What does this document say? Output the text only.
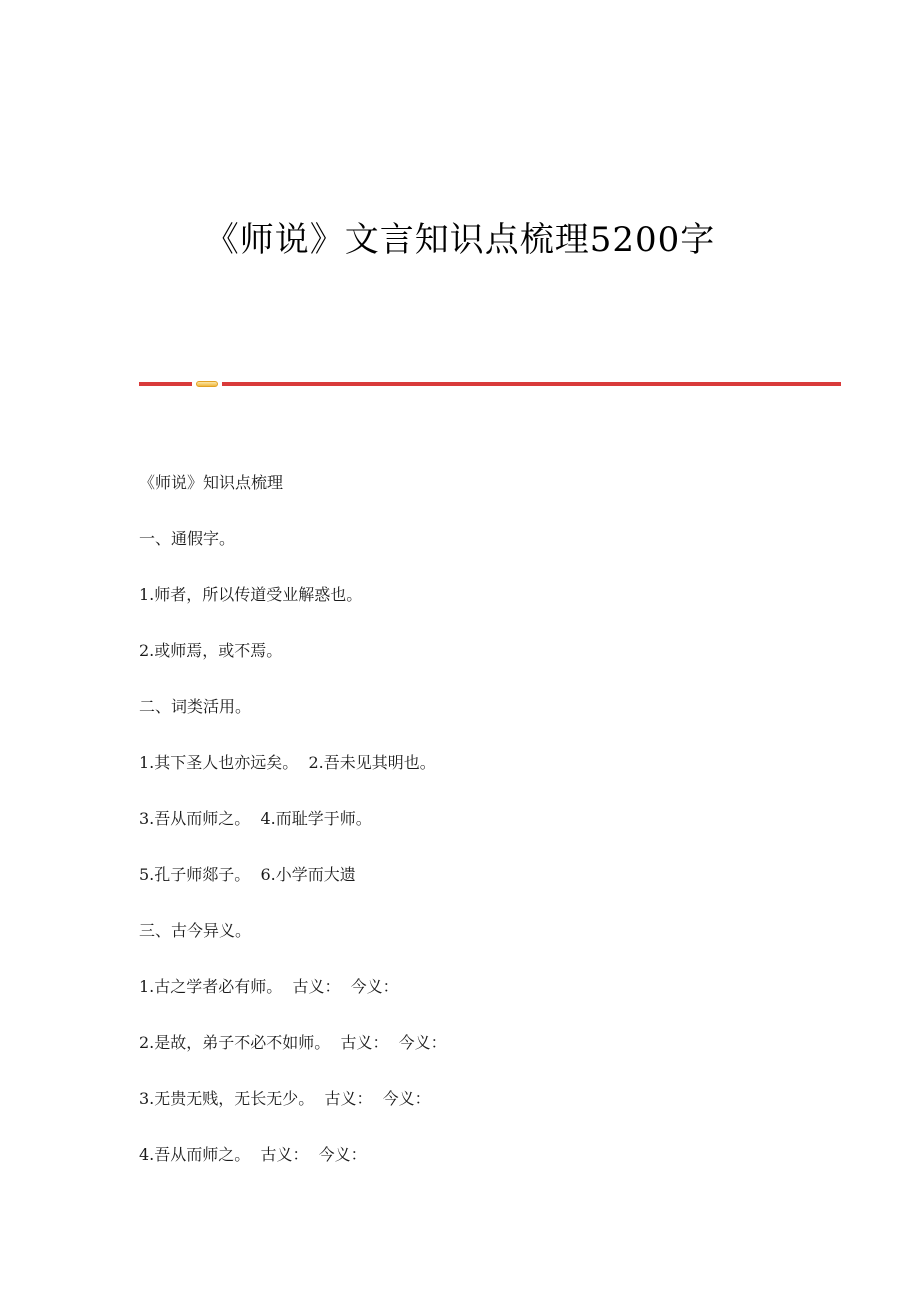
《师说》文言知识点梳理5200字
《师说》知识点梳理
一、通假字。
1.师者，所以传道受业解惑也。
2.或师焉，或不焉。
二、词类活用。
1.其下圣人也亦远矣。  2.吾未见其明也。
3.吾从而师之。  4.而耻学于师。
5.孔子师郯子。  6.小学而大遗
三、古今异义。
1.古之学者必有师。  古义：  今义：
2.是故，弟子不必不如师。  古义：  今义：
3.无贵无贱，无长无少。  古义：  今义：
4.吾从而师之。  古义：  今义：
